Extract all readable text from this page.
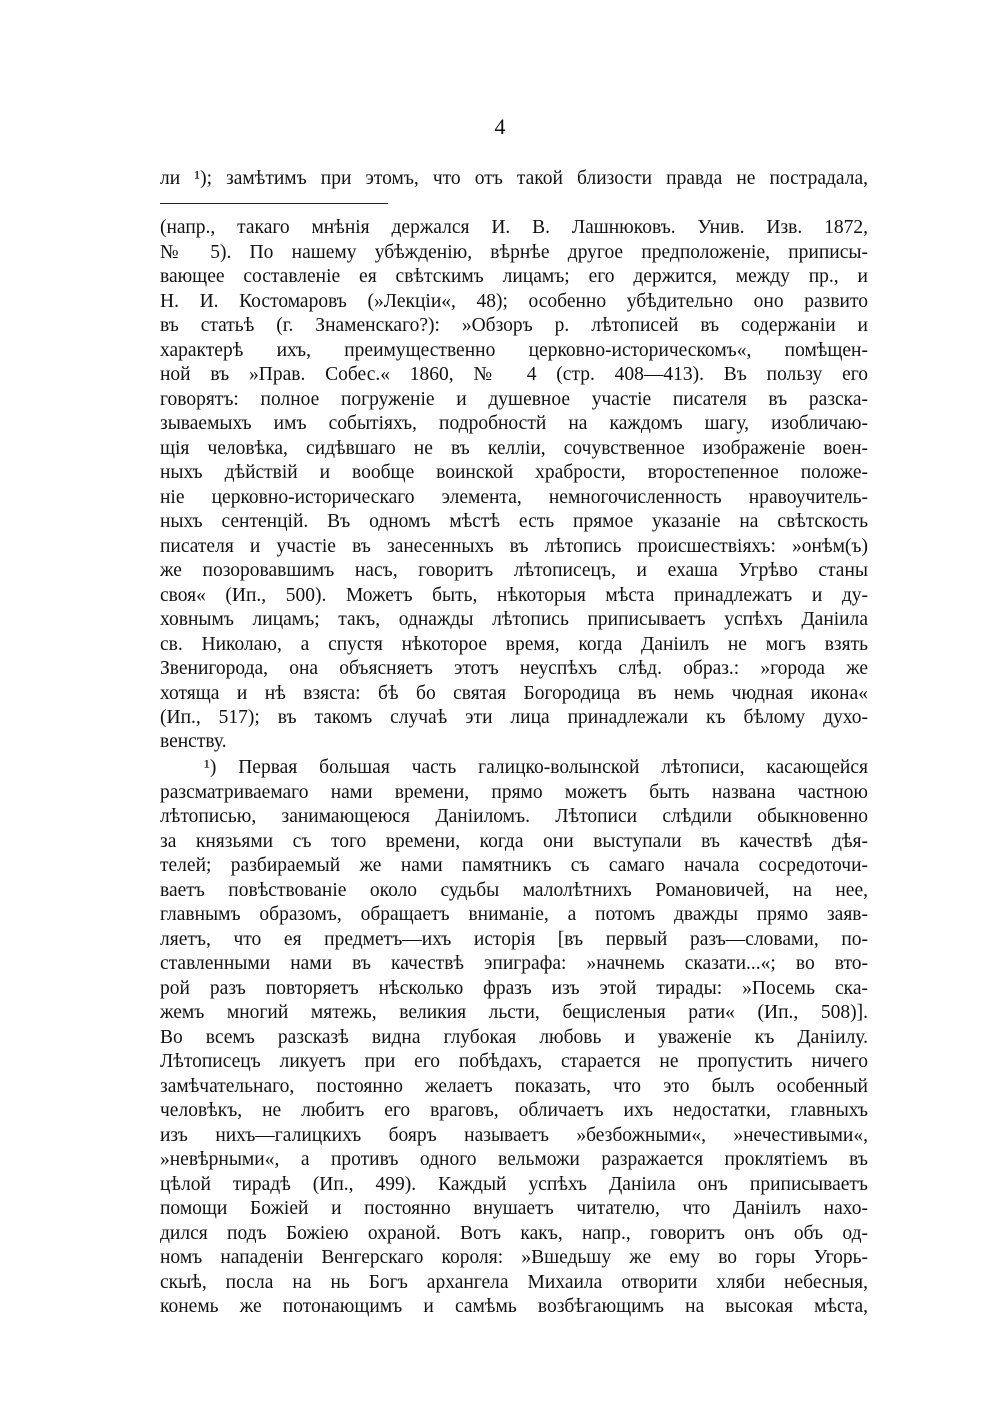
4
ли ¹); замѣтимъ при этомъ, что отъ такой близости правда не пострадала,
(напр., такаго мнѣнія держался И. В. Лашнюковъ. Унив. Изв. 1872,
№ 5). По нашему убѣжденію, вѣрнѣе другое предположеніе, приписы-
вающее составленіе ея свѣтскимъ лицамъ; его держится, между пр., и
Н. И. Костомаровъ (»Лекціи«, 48); особенно убѣдительно оно развито
въ статьѣ (г. Знаменскаго?): »Обзоръ р. лѣтописей въ содержаніи и
характерѣ ихъ, преимущественно церковно-историческомъ«, помѣщен-
ной въ »Прав. Собес.« 1860, № 4 (стр. 408—413). Въ пользу его
говорятъ: полное погруженіе и душевное участіе писателя въ разска-
зываемыхъ имъ событіяхъ, подробностй на каждомъ шагу, изобличаю-
щія человѣка, сидѣвшаго не въ келліи, сочувственное изображеніе воен-
ныхъ дѣйствій и вообще воинской храбрости, второстепенное положе-
ніе церковно-историческаго элемента, немногочисленность нравоучитель-
ныхъ сентенцій. Въ одномъ мѣстѣ есть прямое указаніе на свѣтскость
писателя и участіе въ занесенныхъ въ лѣтопись происшествіяхъ: »онѣм(ъ)
же позоровавшимъ насъ, говоритъ лѣтописецъ, и ехаша Угрѣво станы
своя« (Ип., 500). Можетъ быть, нѣкоторыя мѣста принадлежатъ и ду-
ховнымъ лицамъ; такъ, однажды лѣтопись приписываетъ успѣхъ Даніила
св. Николаю, а спустя нѣкоторое время, когда Даніилъ не могъ взять
Звенигорода, она объясняетъ этотъ неуспѣхъ слѣд. образ.: »города же
хотяща и нѣ взяста: бѣ бо святая Богородица въ немь чюдная икона«
(Ип., 517); въ такомъ случаѣ эти лица принадлежали къ бѣлому духо-
венству.
¹) Первая большая часть галицко-волынской лѣтописи, касающейся
разсматриваемаго нами времени, прямо можетъ быть названа частною
лѣтописью, занимающеюся Даніиломъ. Лѣтописи слѣдили обыкновенно
за князьями съ того времени, когда они выступали въ качествѣ дѣя-
телей; разбираемый же нами памятникъ съ самаго начала сосредоточи-
ваетъ повѣствованіе около судьбы малолѣтнихъ Романовичей, на нее,
главнымъ образомъ, обращаетъ вниманіе, а потомъ дважды прямо заяв-
ляетъ, что ея предметъ—ихъ исторія [въ первый разъ—словами, по-
ставленными нами въ качествѣ эпиграфа: »начнемь сказати...«; во вто-
рой разъ повторяетъ нѣсколько фразъ изъ этой тирады: »Посемь ска-
жемъ многий мятежь, великия льсти, бещисленыя рати« (Ип., 508)].
Во всемъ разсказѣ видна глубокая любовь и уваженіе къ Даніилу.
Лѣтописецъ ликуетъ при его побѣдахъ, старается не пропустить ничего
замѣчательнаго, постоянно желаетъ показать, что это былъ особенный
человѣкъ, не любитъ его враговъ, обличаетъ ихъ недостатки, главныхъ
изъ нихъ—галицкихъ бояръ называетъ »безбожными«, »нечестивыми«,
»невѣрными«, а противъ одного вельможи разражается проклятіемъ въ
цѣлой тирадѣ (Ип., 499). Каждый успѣхъ Даніила онъ приписываетъ
помощи Божіей и постоянно внушаетъ читателю, что Даніилъ нахо-
дился подъ Божіею охраной. Вотъ какъ, напр., говоритъ онъ объ од-
номъ нападеніи Венгерскаго короля: »Вшедьшу же ему во горы Угорь-
скыѣ, посла на нь Богъ архангела Михаила отворити хляби небесныя,
конемь же потонающимъ и самѣмь возбѣгающимъ на высокая мѣста,
